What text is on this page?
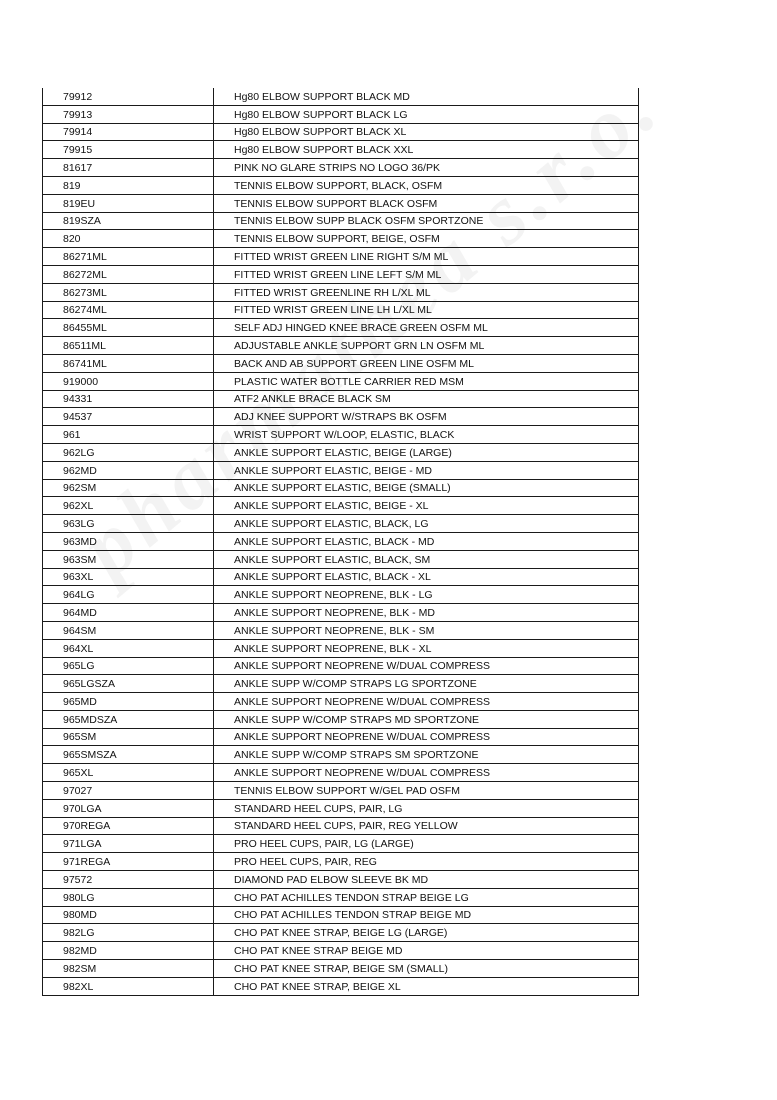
79912	Hg80 ELBOW SUPPORT BLACK MD
79913	Hg80 ELBOW SUPPORT BLACK LG
79914	Hg80 ELBOW SUPPORT BLACK XL
79915	Hg80 ELBOW SUPPORT BLACK XXL
81617	PINK NO GLARE STRIPS NO LOGO 36/PK
819	TENNIS ELBOW SUPPORT, BLACK, OSFM
819EU	TENNIS ELBOW SUPPORT BLACK OSFM
819SZA	TENNIS ELBOW SUPP BLACK OSFM SPORTZONE
820	TENNIS ELBOW SUPPORT, BEIGE, OSFM
86271ML	FITTED WRIST GREEN LINE RIGHT S/M ML
86272ML	FITTED WRIST GREEN LINE LEFT S/M ML
86273ML	FITTED WRIST GREENLINE RH L/XL ML
86274ML	FITTED WRIST GREEN LINE LH L/XL ML
86455ML	SELF ADJ HINGED KNEE BRACE GREEN OSFM ML
86511ML	ADJUSTABLE ANKLE SUPPORT GRN LN OSFM ML
86741ML	BACK AND AB SUPPORT GREEN LINE OSFM ML
919000	PLASTIC WATER BOTTLE CARRIER RED MSM
94331	ATF2 ANKLE BRACE BLACK SM
94537	ADJ KNEE SUPPORT W/STRAPS BK OSFM
961	WRIST SUPPORT W/LOOP, ELASTIC, BLACK
962LG	ANKLE SUPPORT ELASTIC, BEIGE (LARGE)
962MD	ANKLE SUPPORT ELASTIC, BEIGE - MD
962SM	ANKLE SUPPORT ELASTIC, BEIGE (SMALL)
962XL	ANKLE SUPPORT ELASTIC, BEIGE - XL
963LG	ANKLE SUPPORT ELASTIC, BLACK, LG
963MD	ANKLE SUPPORT ELASTIC, BLACK - MD
963SM	ANKLE SUPPORT ELASTIC, BLACK, SM
963XL	ANKLE SUPPORT ELASTIC, BLACK - XL
964LG	ANKLE SUPPORT NEOPRENE, BLK - LG
964MD	ANKLE SUPPORT NEOPRENE, BLK - MD
964SM	ANKLE SUPPORT NEOPRENE, BLK - SM
964XL	ANKLE SUPPORT NEOPRENE, BLK - XL
965LG	ANKLE SUPPORT NEOPRENE W/DUAL COMPRESS
965LGSZA	ANKLE SUPP W/COMP STRAPS LG SPORTZONE
965MD	ANKLE SUPPORT NEOPRENE W/DUAL COMPRESS
965MDSZA	ANKLE SUPP W/COMP STRAPS MD SPORTZONE
965SM	ANKLE SUPPORT NEOPRENE W/DUAL COMPRESS
965SMSZA	ANKLE SUPP W/COMP STRAPS SM SPORTZONE
965XL	ANKLE SUPPORT NEOPRENE W/DUAL COMPRESS
97027	TENNIS ELBOW SUPPORT W/GEL PAD OSFM
970LGA	STANDARD HEEL CUPS, PAIR, LG
970REGA	STANDARD HEEL CUPS, PAIR, REG YELLOW
971LGA	PRO HEEL CUPS, PAIR, LG (LARGE)
971REGA	PRO HEEL CUPS, PAIR, REG
97572	DIAMOND PAD ELBOW SLEEVE BK MD
980LG	CHO PAT ACHILLES TENDON STRAP BEIGE LG
980MD	CHO PAT ACHILLES TENDON STRAP BEIGE MD
982LG	CHO PAT KNEE STRAP, BEIGE LG (LARGE)
982MD	CHO PAT KNEE STRAP BEIGE MD
982SM	CHO PAT KNEE STRAP, BEIGE SM (SMALL)
982XL	CHO PAT KNEE STRAP, BEIGE XL
